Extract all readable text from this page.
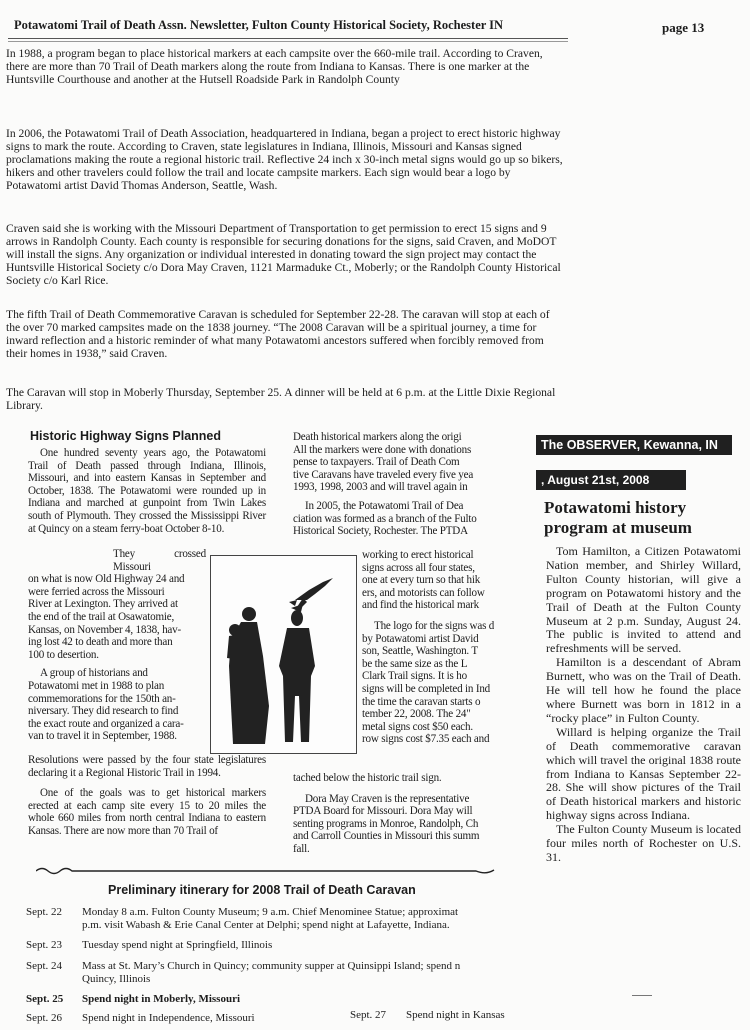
Potawatomi Trail of Death Assn. Newsletter, Fulton County Historical Society, Rochester IN	page 13
In 1988, a program began to place historical markers at each campsite over the 660-mile trail. According to Craven, there are more than 70 Trail of Death markers along the route from Indiana to Kansas. There is one marker at the Huntsville Courthouse and another at the Hutsell Roadside Park in Randolph County
In 2006, the Potawatomi Trail of Death Association, headquartered in Indiana, began a project to erect historic highway signs to mark the route. According to Craven, state legislatures in Indiana, Illinois, Missouri and Kansas signed proclamations making the route a regional historic trail. Reflective 24 inch x 30-inch metal signs would go up so bikers, hikers and other travelers could follow the trail and locate campsite markers. Each sign would bear a logo by Potawatomi artist David Thomas Anderson, Seattle, Wash.
Craven said she is working with the Missouri Department of Transportation to get permission to erect 15 signs and 9 arrows in Randolph County. Each county is responsible for securing donations for the signs, said Craven, and MoDOT will install the signs. Any organization or individual interested in donating toward the sign project may contact the Huntsville Historical Society c/o Dora May Craven, 1121 Marmaduke Ct., Moberly; or the Randolph County Historical Society c/o Karl Rice.
The fifth Trail of Death Commemorative Caravan is scheduled for September 22-28. The caravan will stop at each of the over 70 marked campsites made on the 1838 journey. “The 2008 Caravan will be a spiritual journey, a time for inward reflection and a historic reminder of what many Potawatomi ancestors suffered when forcibly removed from their homes in 1938,” said Craven.
The Caravan will stop in Moberly Thursday, September 25. A dinner will be held at 6 p.m. at the Little Dixie Regional Library.
Historic Highway Signs Planned

One hundred seventy years ago, the Potawatomi Trail of Death passed through Indiana, Illinois, Missouri, and into eastern Kansas in September and October, 1838. The Potawatomi were rounded up in Indiana and marched at gunpoint from Twin Lakes south of Plymouth. They crossed the Mississippi River at Quincy on a steam ferry-boat October 8-10.

They crossed Missouri
on what is now Old Highway 24 and
were ferried across the Missouri
River at Lexington. They arrived at
the end of the trail at Osawatomie,
Kansas, on November 4, 1838, hav-
ing lost 42 to death and more than
100 to desertion.
A group of historians and
Potawatomi met in 1988 to plan
commemorations for the 150th an-
niversary. They did research to find
the exact route and organized a cara-
van to travel it in September, 1988.
Resolutions were passed by the four state legislatures declaring it a Regional Historic Trail in 1994.

One of the goals was to get historical markers erected at each camp site every 15 to 20 miles the whole 660 miles from north central Indiana to eastern Kansas. There are now more than 70 Trail of

Death historical markers along the origi
All the markers were done with donations
pense to taxpayers. Trail of Death Com
tive Caravans have traveled every five yea
1993, 1998, 2003 and will travel again in
In 2005, the Potawatomi Trail of Dea
ciation was formed as a branch of the Fulto
Historical Society, Rochester. The PTDA
working to erect historical
signs across all four states,
one at every turn so that hik
ers, and motorists can follow
and find the historical mark
The logo for the signs was d
by Potawatomi artist David
son, Seattle, Washington. T
be the same size as the L
Clark Trail signs. It is ho
signs will be completed in Ind
the time the caravan starts o
tember 22, 2008. The 24"
metal signs cost $50 each.
row signs cost $7.35 each and
tached below the historic trail sign.
Dora May Craven is the representative
PTDA Board for Missouri. Dora May will
senting programs in Monroe, Randolph, Ch
and Carroll Counties in Missouri this summ
fall.
The OBSERVER, Kewanna, IN
, August 21st, 2008
Potawatomi history program at museum

Tom Hamilton, a Citizen Potawatomi Nation member, and Shirley Willard, Fulton County historian, will give a program on Potawatomi history and the Trail of Death at the Fulton County Museum at 2 p.m. Sunday, August 24. The public is invited to attend and refreshments will be served.

Hamilton is a descendant of Abram Burnett, who was on the Trail of Death. He will tell how he found the place where Burnett was born in 1812 in a “rocky place” in Fulton County.

Willard is helping organize the Trail of Death commemorative caravan which will travel the original 1838 route from Indiana to Kansas September 22-28. She will show pictures of the Trail of Death historical markers and historic highway signs across Indiana.

The Fulton County Museum is located four miles north of Rochester on U.S. 31.

Preliminary itinerary for 2008 Trail of Death Caravan
Sept. 22 Monday 8 a.m. Fulton County Museum; 9 a.m. Chief Menominee Statue; approximat
p.m. visit Wabash & Erie Canal Center at Delphi; spend night at Lafayette, Indiana.
Sept. 23 Tuesday spend night at Springfield, Illinois
Sept. 24 Mass at St. Mary’s Church in Quincy; community supper at Quinsippi Island; spend n
Quincy, Illinois
Sept. 25 Spend night in Moberly, Missouri
Sept. 26 Spend night in Independence, Missouri	Sept. 27 Spend night in Kansas
